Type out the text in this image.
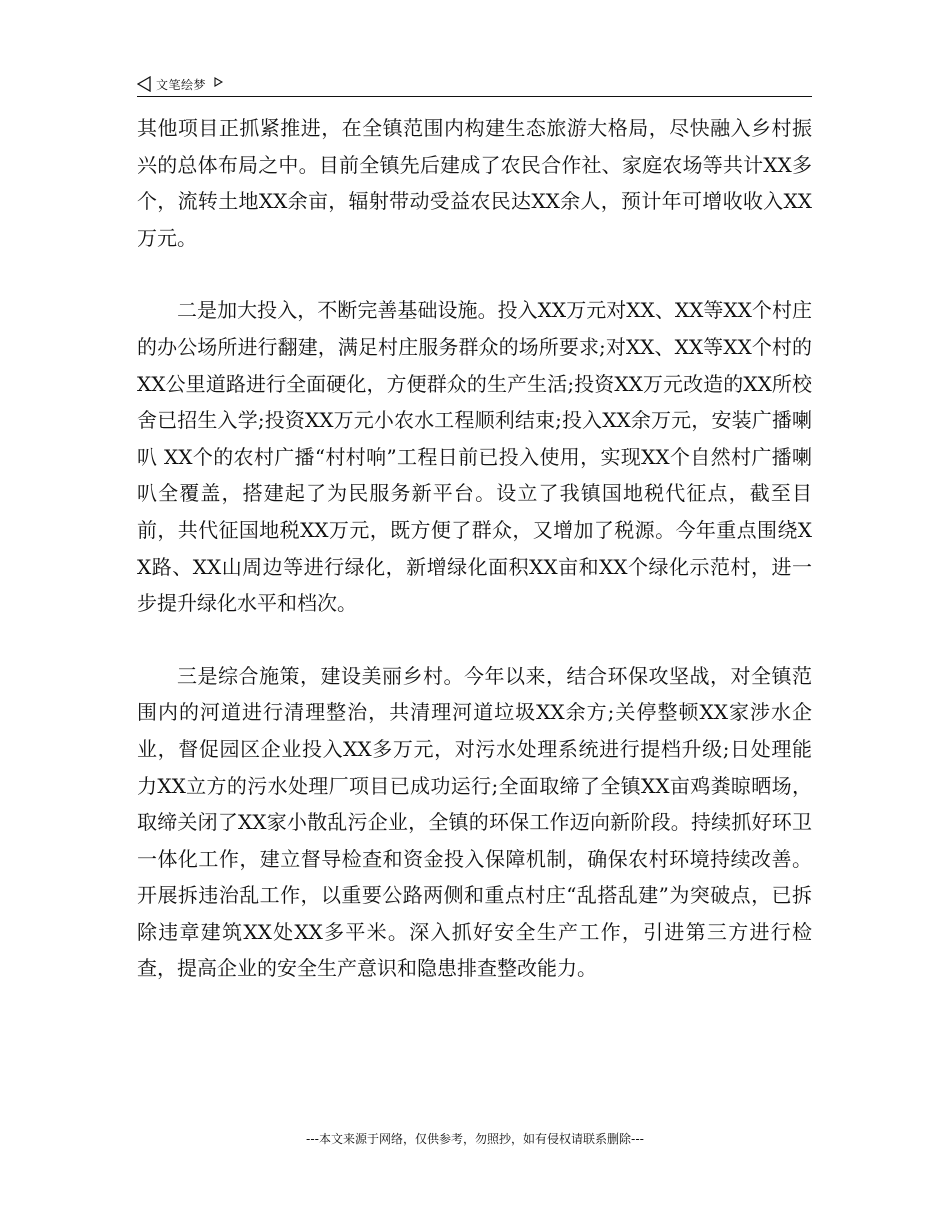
文笔绘梦

其他项目正抓紧推进，在全镇范围内构建生态旅游大格局，尽快融入乡村振兴的总体布局之中。目前全镇先后建成了农民合作社、家庭农场等共计XX多个，流转土地XX余亩，辐射带动受益农民达XX余人，预计年可增收收入XX万元。

二是加大投入，不断完善基础设施。投入XX万元对XX、XX等XX个村庄的办公场所进行翻建，满足村庄服务群众的场所要求;对XX、XX等XX个村的XX公里道路进行全面硬化，方便群众的生产生活;投资XX万元改造的XX所校舍已招生入学;投资XX万元小农水工程顺利结束;投入XX余万元，安装广播喇叭 XX个的农村广播“村村响”工程日前已投入使用，实现XX个自然村广播喇叭全覆盖，搭建起了为民服务新平台。设立了我镇国地税代征点，截至目前，共代征国地税XX万元，既方便了群众，又增加了税源。今年重点围绕XX路、XX山周边等进行绿化，新增绿化面积XX亩和XX个绿化示范村，进一步提升绿化水平和档次。

三是综合施策，建设美丽乡村。今年以来，结合环保攻坚战，对全镇范围内的河道进行清理整治，共清理河道垃圾XX余方;关停整顿XX家涉水企业，督促园区企业投入XX多万元，对污水处理系统进行提档升级;日处理能力XX立方的污水处理厂项目已成功运行;全面取缔了全镇XX亩鸡粪晾晒场，取缔关闭了XX家小散乱污企业，全镇的环保工作迈向新阶段。持续抓好环卫一体化工作，建立督导检查和资金投入保障机制，确保农村环境持续改善。开展拆违治乱工作，以重要公路两侧和重点村庄“乱搭乱建”为突破点，已拆除违章建筑XX处XX多平米。深入抓好安全生产工作，引进第三方进行检查，提高企业的安全生产意识和隐患排查整改能力。

---本文来源于网络，仅供参考，勿照抄，如有侵权请联系删除---
